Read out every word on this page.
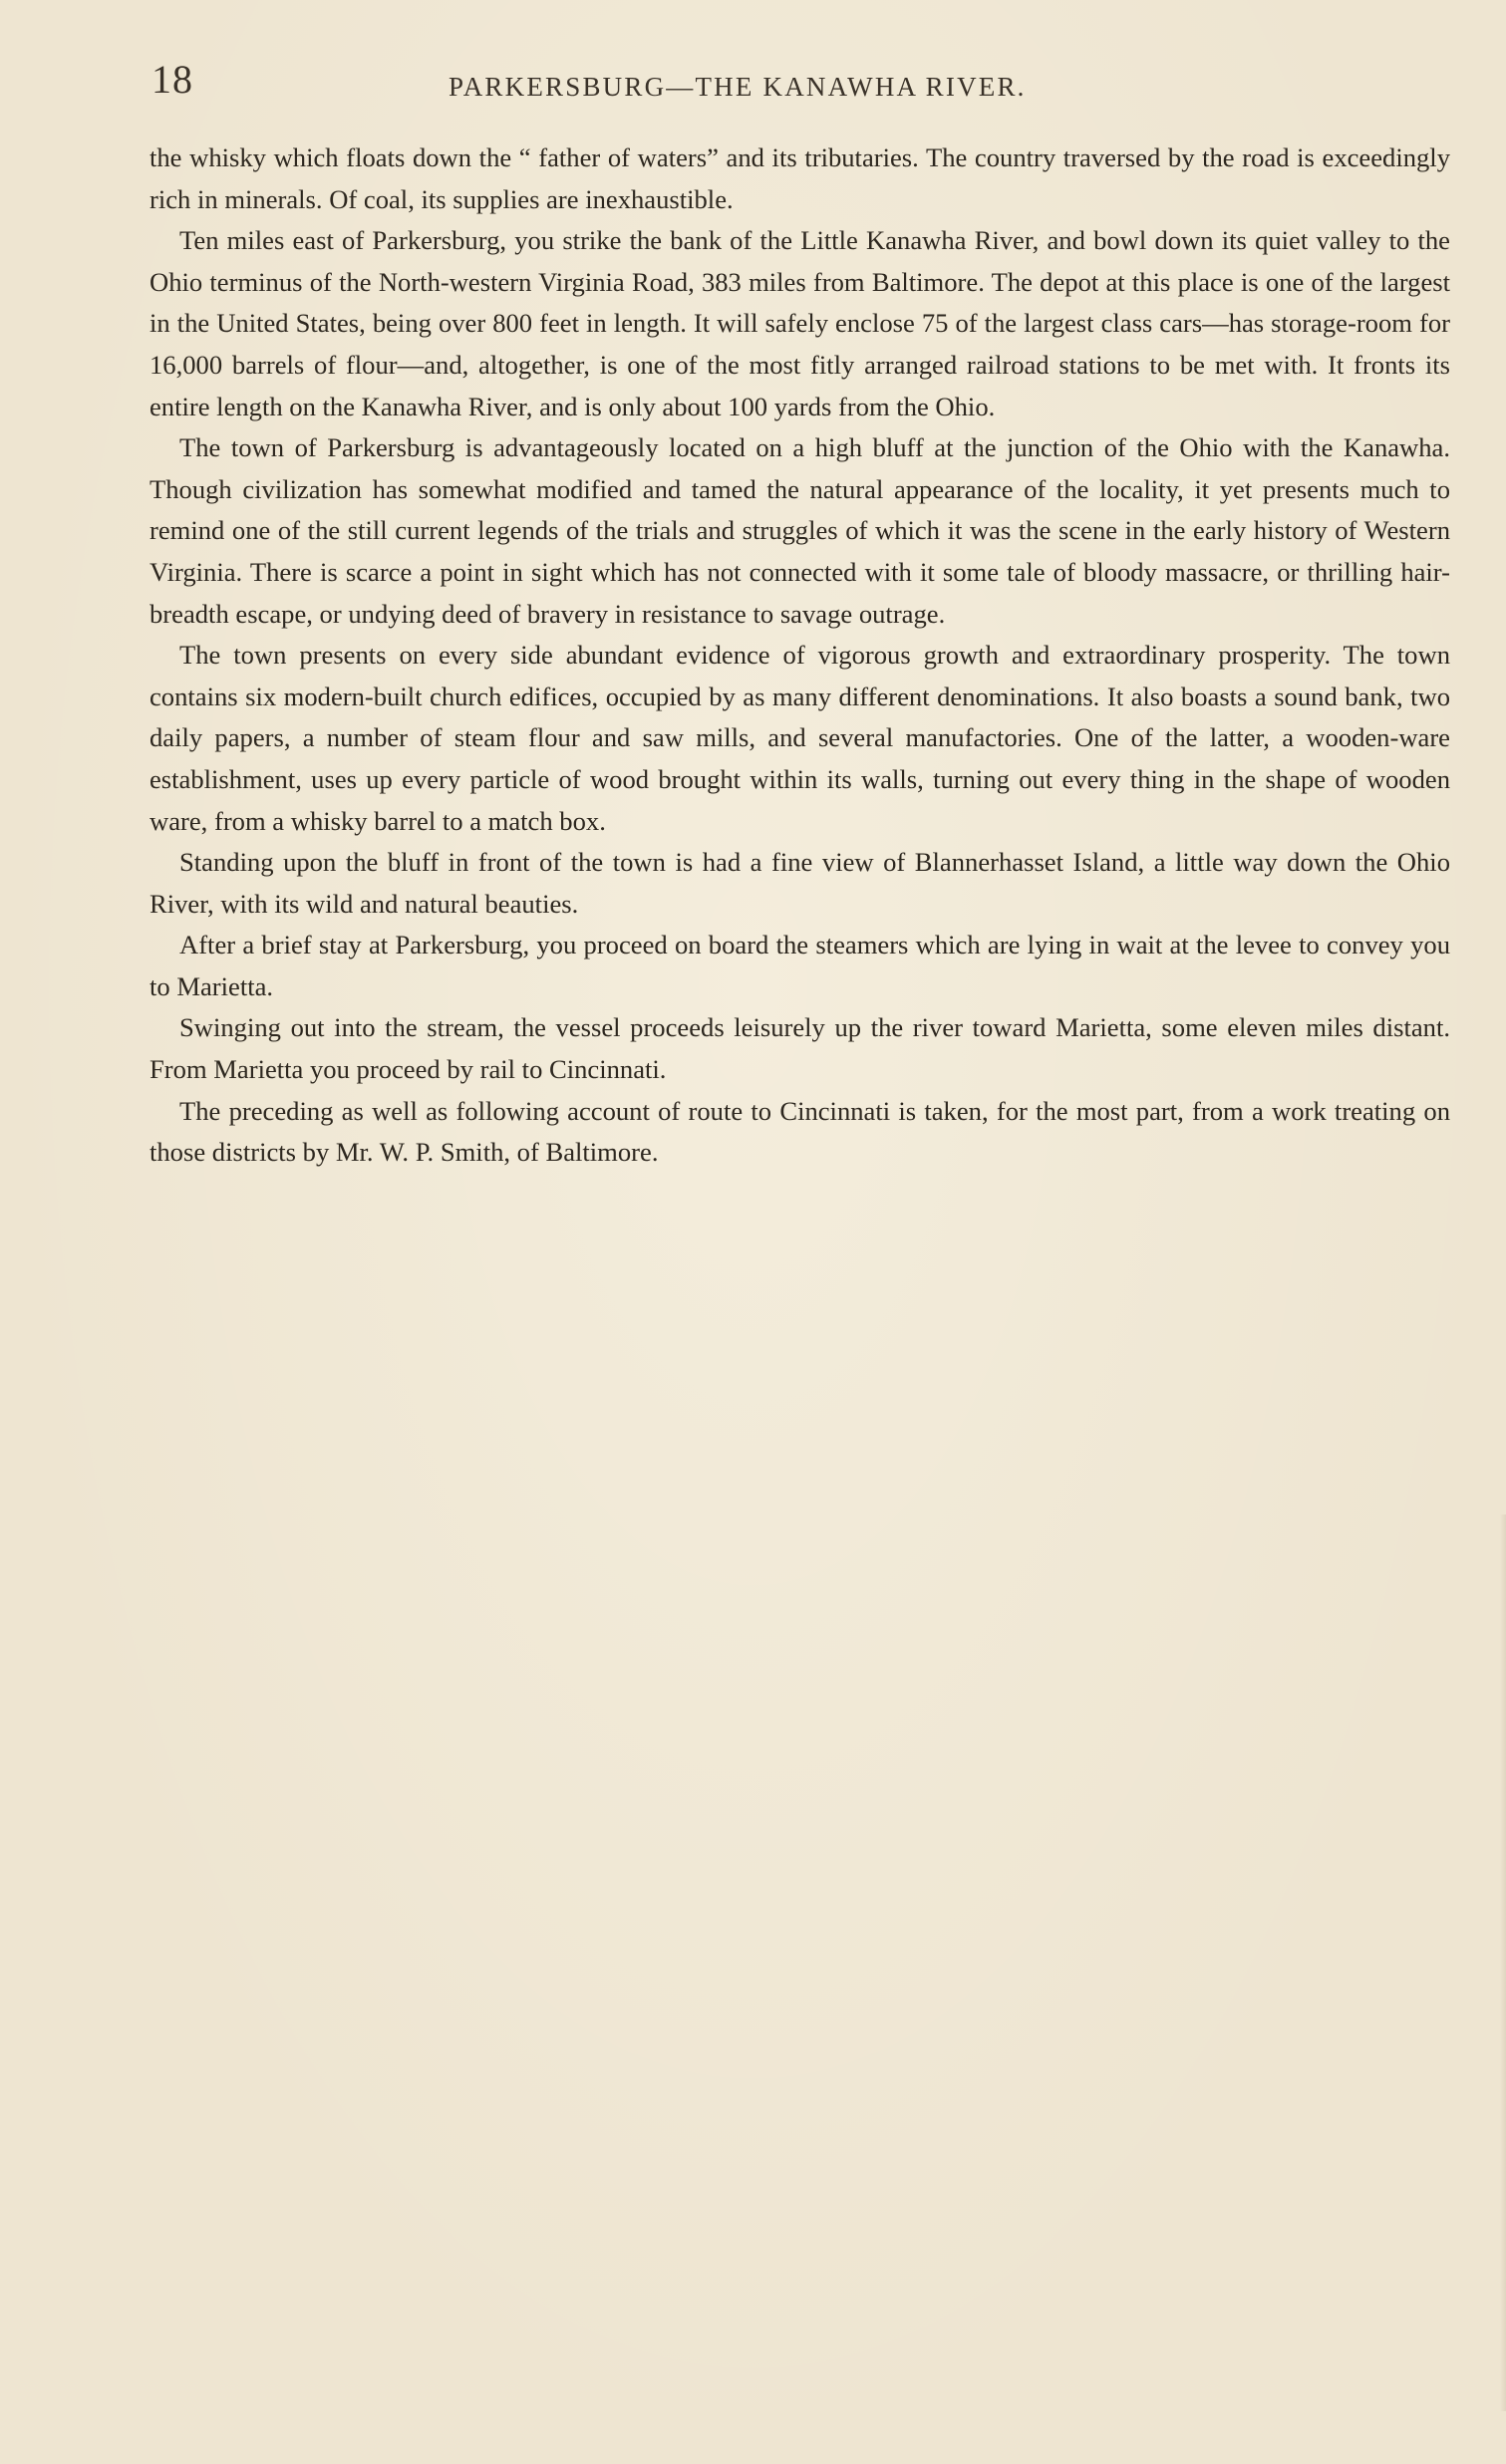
18	PARKERSBURG—THE KANAWHA RIVER.

the whisky which floats down the “ father of waters” and its tributaries. The country traversed by the road is exceedingly rich in minerals. Of coal, its supplies are inexhaustible.

Ten miles east of Parkersburg, you strike the bank of the Little Kanawha River, and bowl down its quiet valley to the Ohio terminus of the North-western Virginia Road, 383 miles from Baltimore. The depot at this place is one of the largest in the United States, being over 800 feet in length. It will safely enclose 75 of the largest class cars—has storage-room for 16,000 barrels of flour—and, altogether, is one of the most fitly arranged railroad stations to be met with. It fronts its entire length on the Kanawha River, and is only about 100 yards from the Ohio.

The town of Parkersburg is advantageously located on a high bluff at the junction of the Ohio with the Kanawha. Though civilization has somewhat modified and tamed the natural appearance of the locality, it yet presents much to remind one of the still current legends of the trials and struggles of which it was the scene in the early history of Western Virginia. There is scarce a point in sight which has not connected with it some tale of bloody massacre, or thrilling hair-breadth escape, or undying deed of bravery in resistance to savage outrage.

The town presents on every side abundant evidence of vigorous growth and extraordinary prosperity. The town contains six modern-built church edifices, occupied by as many different denominations. It also boasts a sound bank, two daily papers, a number of steam flour and saw mills, and several manufactories. One of the latter, a wooden-ware establishment, uses up every particle of wood brought within its walls, turning out every thing in the shape of wooden ware, from a whisky barrel to a match box.

Standing upon the bluff in front of the town is had a fine view of Blannerhasset Island, a little way down the Ohio River, with its wild and natural beauties.

After a brief stay at Parkersburg, you proceed on board the steamers which are lying in wait at the levee to convey you to Marietta.

Swinging out into the stream, the vessel proceeds leisurely up the river toward Marietta, some eleven miles distant. From Marietta you proceed by rail to Cincinnati.

The preceding as well as following account of route to Cincinnati is taken, for the most part, from a work treating on those districts by Mr. W. P. Smith, of Baltimore.
